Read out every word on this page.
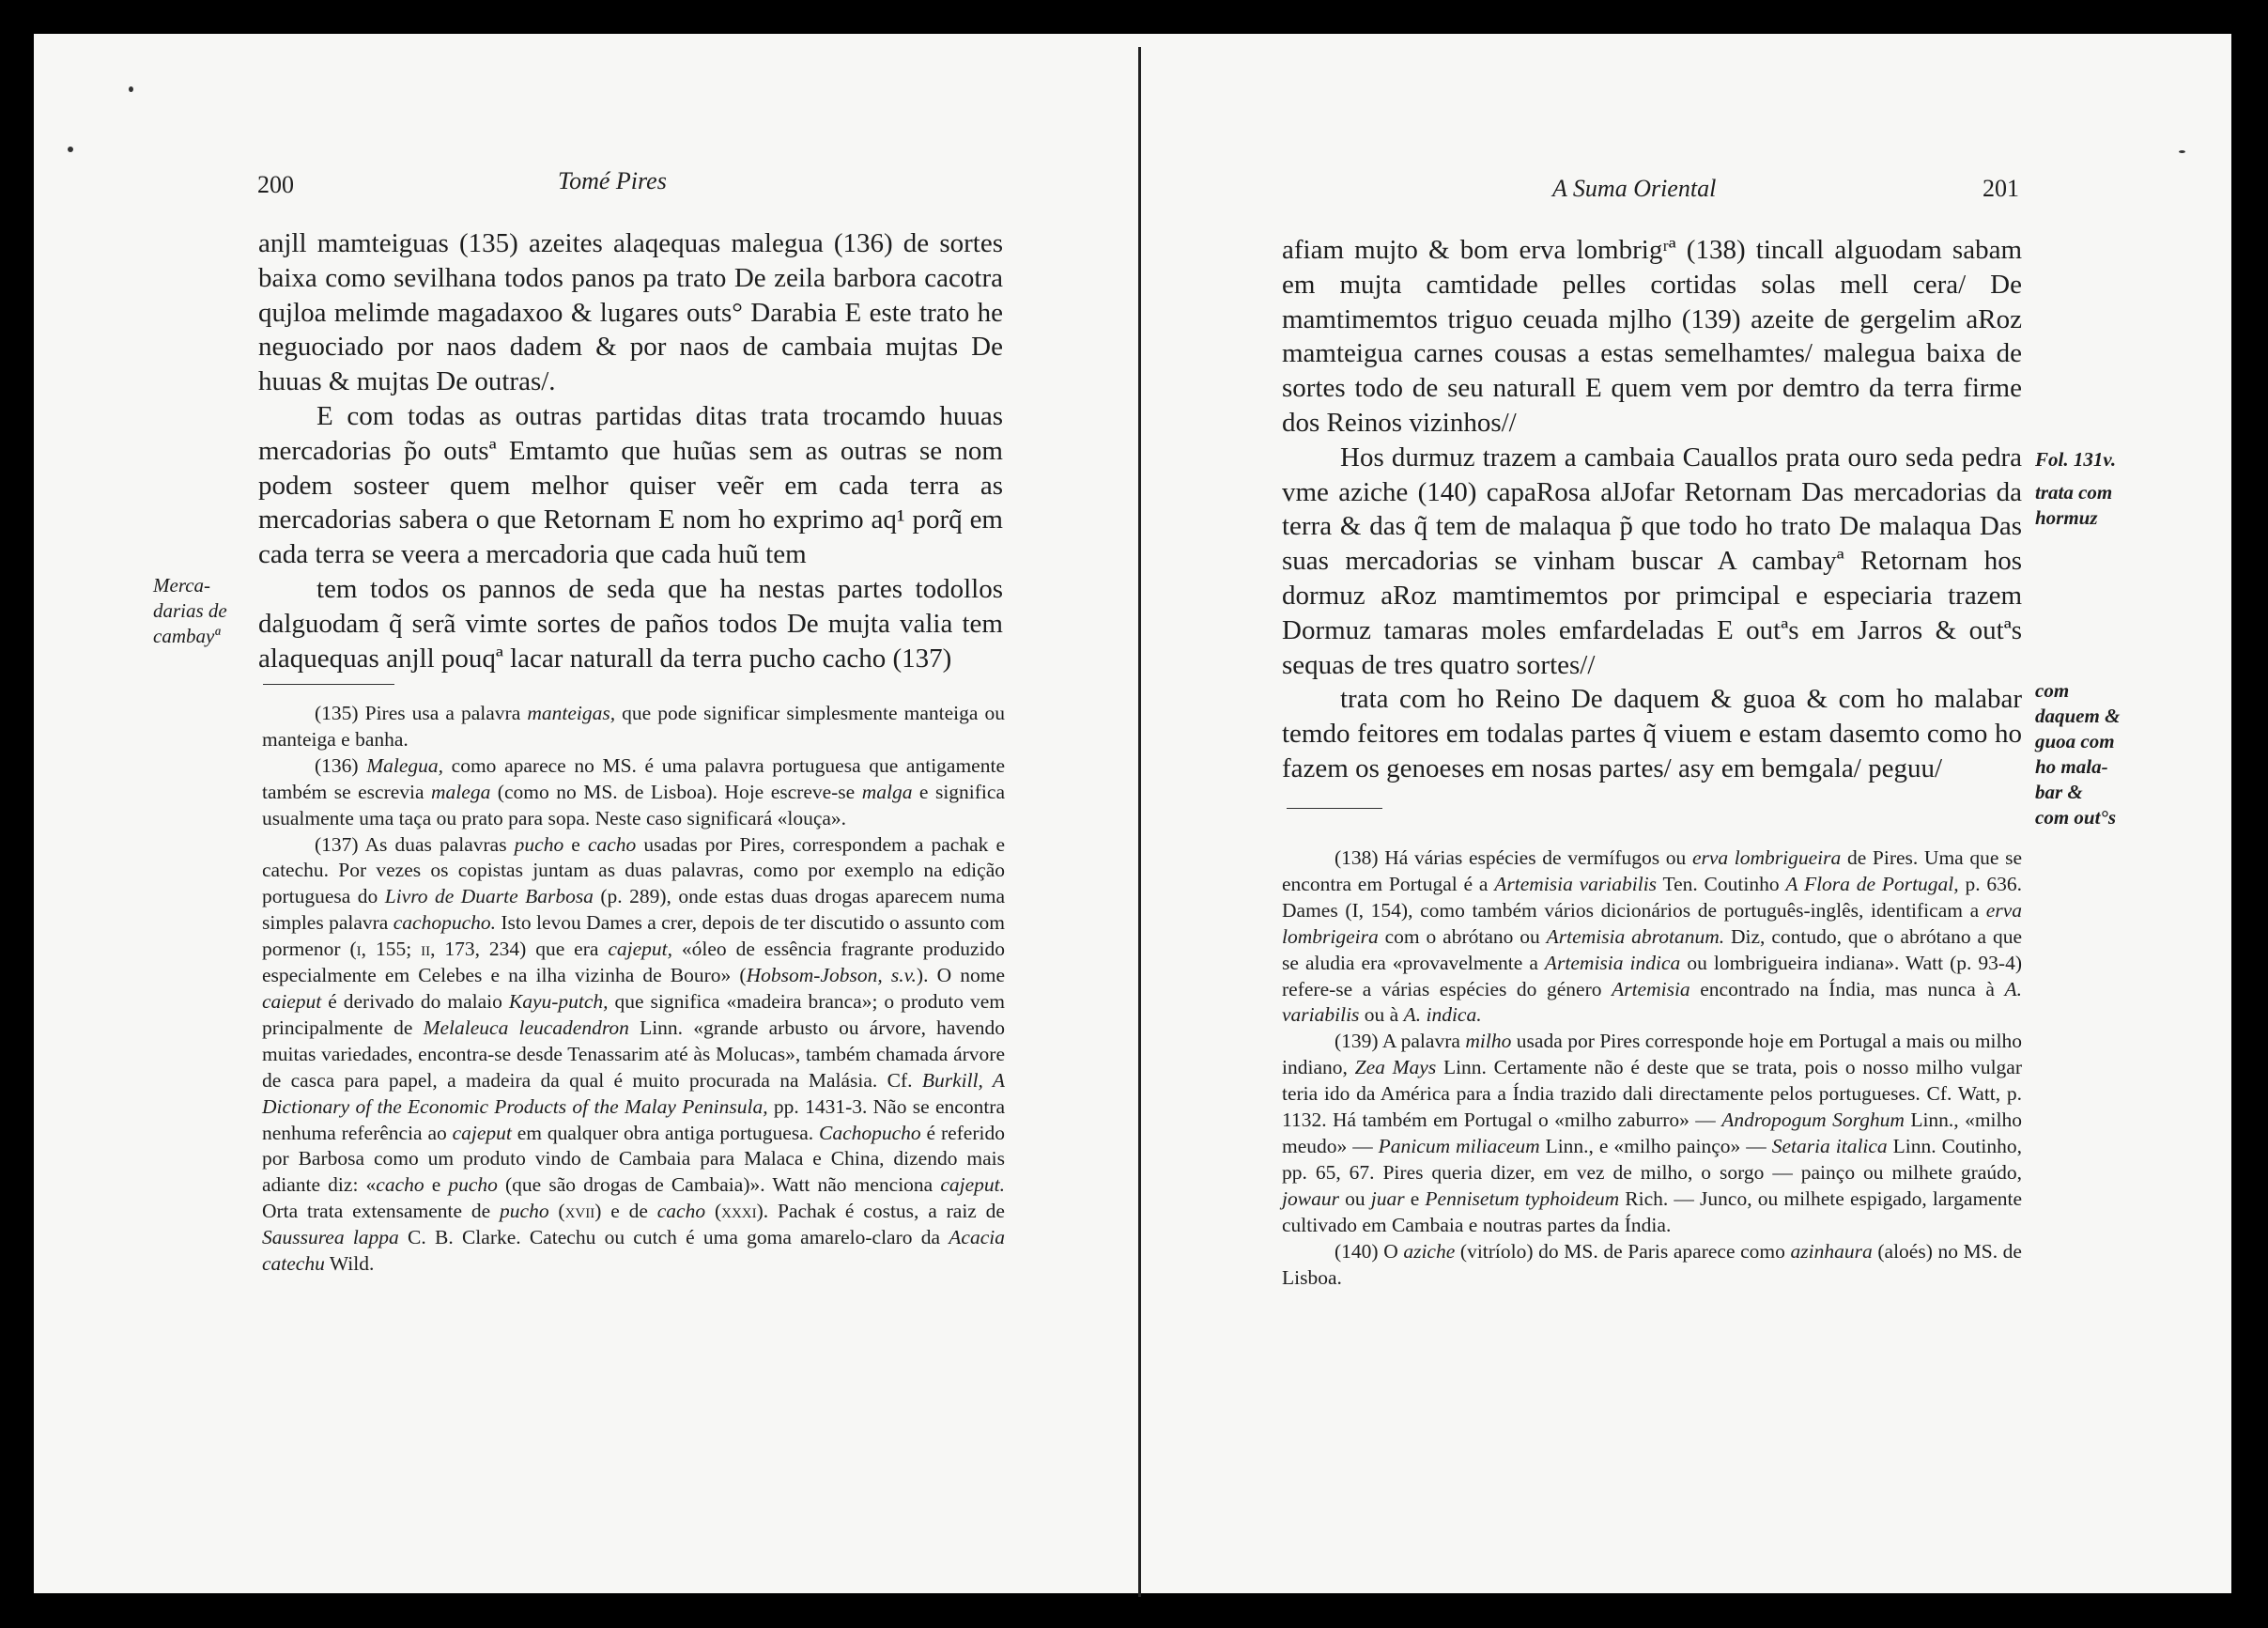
200	Tomé Pires

anjll mamteiguas (135) azeites alaqequas malegua (136) de sortes baixa como sevilhana todos panos pa trato De zeila barbora cacotra qujloa melimde magadaxoo & lugares outs° Darabia E este trato he neguociado por naos dadem & por naos de cambaia mujtas De huuas & mujtas De outras/.

E com todas as outras partidas ditas trata trocamdo huuas mercadorias p̃o outsª Emtamto que huũas sem as outras se nom podem sosteer quem melhor quiser veẽr em cada terra as mercadorias sabera o que Retornam E nom ho exprimo aq¹ porq̃ em cada terra se veera a mercadoria que cada huũ tem

tem todos os pannos de seda que ha nestas partes todollos dalguodam q̃ serã vimte sortes de paños todos De mujta valia tem alaquequas anjll pouqª lacar naturall da terra pucho cacho (137)

Merca-
darias de
cambayª

(135) Pires usa a palavra manteigas, que pode significar simplesmente manteiga ou manteiga e banha.

(136) Malegua, como aparece no MS. é uma palavra portuguesa que antigamente também se escrevia malega (como no MS. de Lisboa). Hoje escreve-se malga e significa usualmente uma taça ou prato para sopa. Neste caso significará «louça».

(137) As duas palavras pucho e cacho usadas por Pires, correspondem a pachak e catechu. Por vezes os copistas juntam as duas palavras, como por exemplo na edição portuguesa do Livro de Duarte Barbosa (p. 289), onde estas duas drogas aparecem numa simples palavra cachopucho. Isto levou Dames a crer, depois de ter discutido o assunto com pormenor (i, 155; ii, 173, 234) que era cajeput, «óleo de essência fragrante produzido especialmente em Celebes e na ilha vizinha de Bouro» (Hobsom-Jobson, s.v.). O nome caieput é derivado do malaio Kayu-putch, que significa «madeira branca»; o produto vem principalmente de Melaleuca leucadendron Linn. «grande arbusto ou árvore, havendo muitas variedades, encontra-se desde Tenassarim até às Molucas», também chamada árvore de casca para papel, a madeira da qual é muito procurada na Malásia. Cf. Burkill, A Dictionary of the Economic Products of the Malay Peninsula, pp. 1431-3. Não se encontra nenhuma referência ao cajeput em qualquer obra antiga portuguesa. Cachopucho é referido por Barbosa como um produto vindo de Cambaia para Malaca e China, dizendo mais adiante diz: «cacho e pucho (que são drogas de Cambaia)». Watt não menciona cajeput. Orta trata extensamente de pucho (xvii) e de cacho (xxxi). Pachak é costus, a raiz de Saussurea lappa C. B. Clarke. Catechu ou cutch é uma goma amarelo-claro da Acacia catechu Wild.

A Suma Oriental	201

afiam mujto & bom erva lombrigʳª (138) tincall alguodam sabam em mujta camtidade pelles cortidas solas mell cera/ De mamtimemtos triguo ceuada mjlho (139) azeite de gergelim aRoz mamteigua carnes cousas a estas semelhamtes/ malegua baixa de sortes todo de seu naturall E quem vem por demtro da terra firme dos Reinos vizinhos//

Hos durmuz trazem a cambaia Cauallos prata ouro seda pedra vme aziche (140) capaRosa alJofar Retornam Das mercadorias da terra & das q̃ tem de malaqua p̃ que todo ho trato De malaqua Das suas mercadorias se vinham buscar A cambayª Retornam hos dormuz aRoz mamtimemtos por primcipal e especiaria trazem Dormuz tamaras moles emfardeladas E outªs em Jarros & outªs sequas de tres quatro sortes//

trata com ho Reino De daquem & guoa & com ho malabar temdo feitores em todalas partes q̃ viuem e estam dasemto como ho fazem os genoeses em nosas partes/ asy em bemgala/ peguu/

Fol. 131v.
trata com
hormuz
com
daquem &
guoa com
ho mala-
bar &
com out°s

(138) Há várias espécies de vermífugos ou erva lombrigueira de Pires. Uma que se encontra em Portugal é a Artemisia variabilis Ten. Coutinho A Flora de Portugal, p. 636. Dames (I, 154), como também vários dicionários de português-inglês, identificam a erva lombrigeira com o abrótano ou Artemisia abrotanum. Diz, contudo, que o abrótano a que se aludia era «provavelmente a Artemisia indica ou lombrigueira indiana». Watt (p. 93-4) refere-se a várias espécies do género Artemisia encontrado na Índia, mas nunca à A. variabilis ou à A. indica.

(139) A palavra milho usada por Pires corresponde hoje em Portugal a mais ou milho indiano, Zea Mays Linn. Certamente não é deste que se trata, pois o nosso milho vulgar teria ido da América para a Índia trazido dali directamente pelos portugueses. Cf. Watt, p. 1132. Há também em Portugal o «milho zaburro» — Andropogum Sorghum Linn., «milho meudo» — Panicum miliaceum Linn., e «milho painço» — Setaria italica Linn. Coutinho, pp. 65, 67. Pires queria dizer, em vez de milho, o sorgo — painço ou milhete graúdo, jowaur ou juar e Pennisetum typhoideum Rich. — Junco, ou milhete espigado, largamente cultivado em Cambaia e noutras partes da Índia.

(140) O aziche (vitríolo) do MS. de Paris aparece como azinhaura (aloés) no MS. de Lisboa.
